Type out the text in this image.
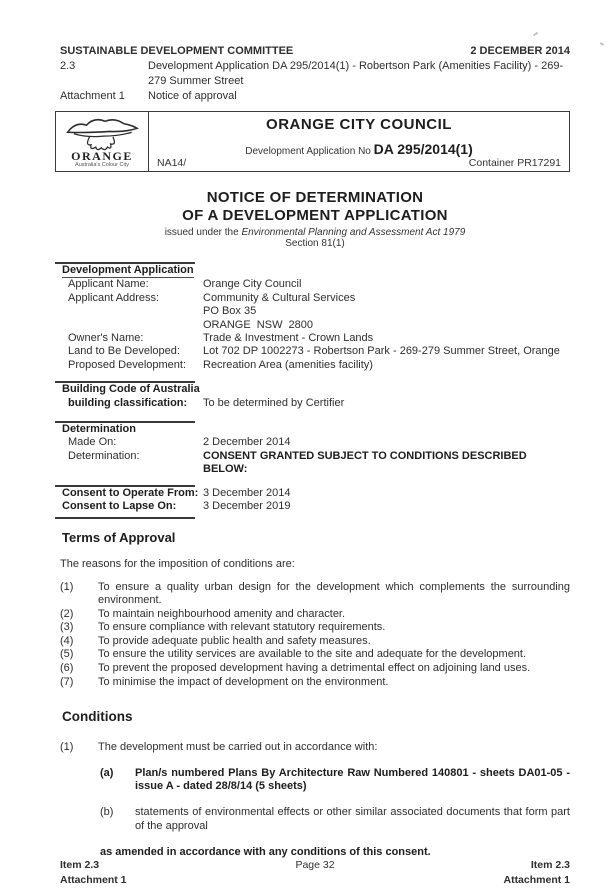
SUSTAINABLE DEVELOPMENT COMMITTEE	2 DECEMBER 2014
2.3	Development Application DA 295/2014(1) - Robertson Park (Amenities Facility) - 269-279 Summer Street
Attachment 1	Notice of approval
ORANGE
Australia's Colour City
ORANGE CITY COUNCIL
Development Application No DA 295/2014(1)
NA14/	Container PR17291
NOTICE OF DETERMINATION
OF A DEVELOPMENT APPLICATION
issued under the Environmental Planning and Assessment Act 1979
Section 81(1)
Development Application
Applicant Name:	Orange City Council
Applicant Address:	Community & Cultural Services
PO Box 35
ORANGE  NSW  2800
Owner's Name:	Trade & Investment - Crown Lands
Land to Be Developed:	Lot 702 DP 1002273 - Robertson Park - 269-279 Summer Street, Orange
Proposed Development:	Recreation Area (amenities facility)
Building Code of Australia
building classification:	To be determined by Certifier
Determination
Made On:	2 December 2014
Determination:	CONSENT GRANTED SUBJECT TO CONDITIONS DESCRIBED BELOW:
Consent to Operate From: 3 December 2014
Consent to Lapse On:	3 December 2019
Terms of Approval
The reasons for the imposition of conditions are:
(1)	To ensure a quality urban design for the development which complements the surrounding environment.
(2)	To maintain neighbourhood amenity and character.
(3)	To ensure compliance with relevant statutory requirements.
(4)	To provide adequate public health and safety measures.
(5)	To ensure the utility services are available to the site and adequate for the development.
(6)	To prevent the proposed development having a detrimental effect on adjoining land uses.
(7)	To minimise the impact of development on the environment.
Conditions
(1)	The development must be carried out in accordance with:
(a)	Plan/s numbered Plans By Architecture Raw Numbered 140801 - sheets DA01-05 - issue A - dated 28/8/14 (5 sheets)
(b)	statements of environmental effects or other similar associated documents that form part of the approval
as amended in accordance with any conditions of this consent.
Item 2.3
Attachment 1
Page 32	Item 2.3
Attachment 1
